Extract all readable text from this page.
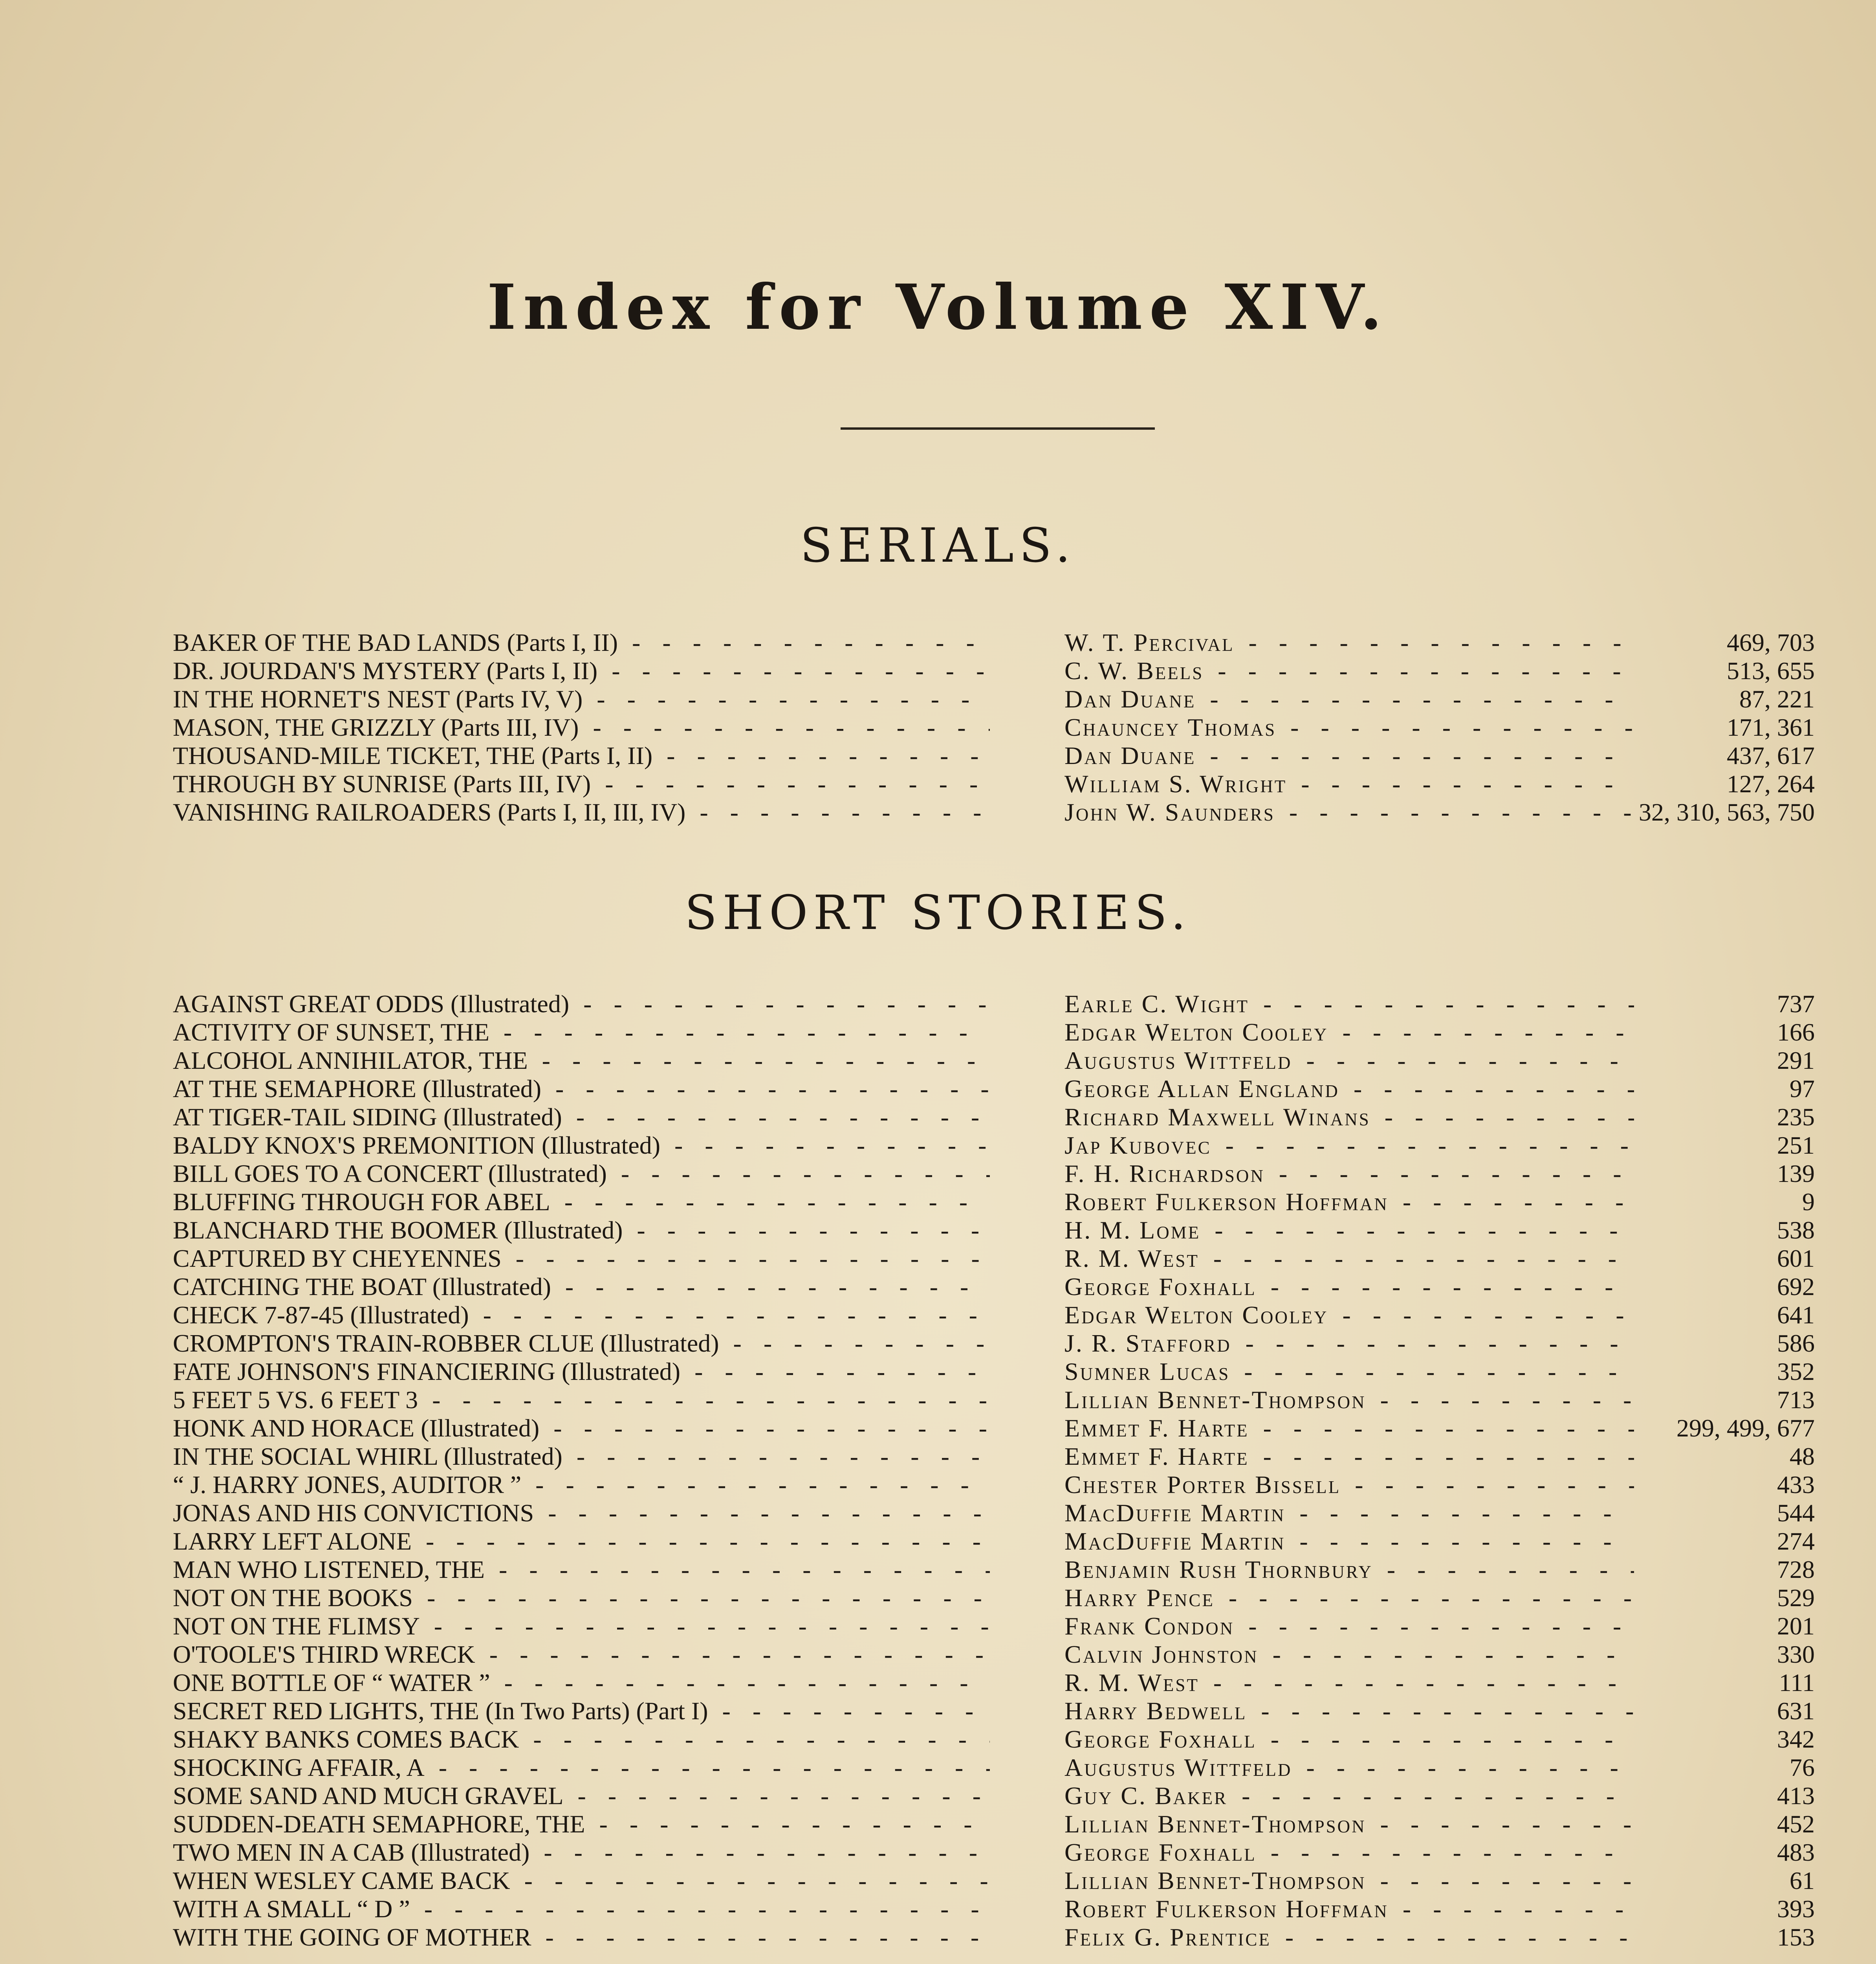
Index for Volume XIV.
SERIALS.
BAKER OF THE BAD LANDS (Parts I, II) - - -	W. T. Percival - - -	469, 703
DR. JOURDAN'S MYSTERY (Parts I, II) - - -	C. W. Beels - - -	513, 655
IN THE HORNET'S NEST (Parts IV, V) - - -	Dan Duane - - -	87, 221
MASON, THE GRIZZLY (Parts III, IV) - - -	Chauncey Thomas - - -	171, 361
THOUSAND-MILE TICKET, THE (Parts I, II) - - -	Dan Duane - - -	437, 617
THROUGH BY SUNRISE (Parts III, IV) - - -	William S. Wright - - -	127, 264
VANISHING RAILROADERS (Parts I, II, III, IV) - - -	John W. Saunders - - -	32, 310, 563, 750
SHORT STORIES.
AGAINST GREAT ODDS (Illustrated) - - -	Earle C. Wight - - -	737
ACTIVITY OF SUNSET, THE - - -	Edgar Welton Cooley - - -	166
ALCOHOL ANNIHILATOR, THE - - -	Augustus Wittfeld - - -	291
AT THE SEMAPHORE (Illustrated) - - -	George Allan England - - -	97
AT TIGER-TAIL SIDING (Illustrated) - - -	Richard Maxwell Winans - - -	235
BALDY KNOX'S PREMONITION (Illustrated) - - -	Jap Kubovec - - -	251
BILL GOES TO A CONCERT (Illustrated) - - -	F. H. Richardson - - -	139
BLUFFING THROUGH FOR ABEL - - -	Robert Fulkerson Hoffman - - -	9
BLANCHARD THE BOOMER (Illustrated) - - -	H. M. Lome - - -	538
CAPTURED BY CHEYENNES - - -	R. M. West - - -	601
CATCHING THE BOAT (Illustrated) - - -	George Foxhall - - -	692
CHECK 7-87-45 (Illustrated) - - -	Edgar Welton Cooley - - -	641
CROMPTON'S TRAIN-ROBBER CLUE (Illustrated) - - -	J. R. Stafford - - -	586
FATE JOHNSON'S FINANCIERING (Illustrated) - - -	Sumner Lucas - - -	352
5 FEET 5 VS. 6 FEET 3 - - -	Lillian Bennet-Thompson - - -	713
HONK AND HORACE (Illustrated) - - -	Emmet F. Harte - - -	299, 499, 677
IN THE SOCIAL WHIRL (Illustrated) - - -	Emmet F. Harte - - -	48
“ J. HARRY JONES, AUDITOR ” - - -	Chester Porter Bissell - - -	433
JONAS AND HIS CONVICTIONS - - -	MacDuffie Martin - - -	544
LARRY LEFT ALONE - - -	MacDuffie Martin - - -	274
MAN WHO LISTENED, THE - - -	Benjamin Rush Thornbury - - -	728
NOT ON THE BOOKS - - -	Harry Pence - - -	529
NOT ON THE FLIMSY - - -	Frank Condon - - -	201
O'TOOLE'S THIRD WRECK - - -	Calvin Johnston - - -	330
ONE BOTTLE OF “ WATER ” - - -	R. M. West - - -	111
SECRET RED LIGHTS, THE (In Two Parts) (Part I) - - -	Harry Bedwell - - -	631
SHAKY BANKS COMES BACK - - -	George Foxhall - - -	342
SHOCKING AFFAIR, A - - -	Augustus Wittfeld - - -	76
SOME SAND AND MUCH GRAVEL - - -	Guy C. Baker - - -	413
SUDDEN-DEATH SEMAPHORE, THE - - -	Lillian Bennet-Thompson - - -	452
TWO MEN IN A CAB (Illustrated) - - -	George Foxhall - - -	483
WHEN WESLEY CAME BACK - - -	Lillian Bennet-Thompson - - -	61
WITH A SMALL “ D ” - - -	Robert Fulkerson Hoffman - - -	393
WITH THE GOING OF MOTHER - - -	Felix G. Prentice - - -	153
